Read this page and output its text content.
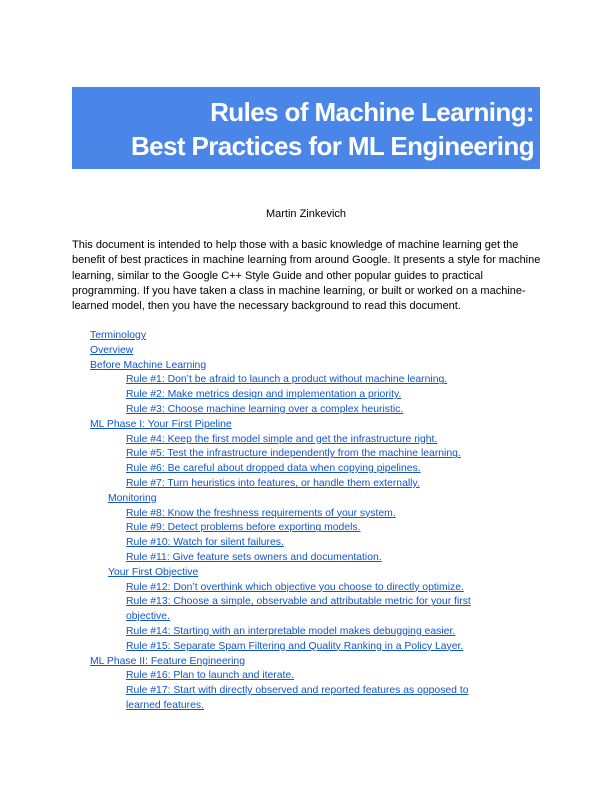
Rules of Machine Learning:
Best Practices for ML Engineering
Martin Zinkevich

This document is intended to help those with a basic knowledge of machine learning get the benefit of best practices in machine learning from around Google. It presents a style for machine learning, similar to the Google C++ Style Guide and other popular guides to practical programming. If you have taken a class in machine learning, or built or worked on a machine-learned model, then you have the necessary background to read this document.

Terminology
Overview
Before Machine Learning
Rule #1: Don’t be afraid to launch a product without machine learning.
Rule #2: Make metrics design and implementation a priority.
Rule #3: Choose machine learning over a complex heuristic.
ML Phase I: Your First Pipeline
Rule #4: Keep the first model simple and get the infrastructure right.
Rule #5: Test the infrastructure independently from the machine learning.
Rule #6: Be careful about dropped data when copying pipelines.
Rule #7: Turn heuristics into features, or handle them externally.
Monitoring
Rule #8: Know the freshness requirements of your system.
Rule #9: Detect problems before exporting models.
Rule #10: Watch for silent failures.
Rule #11: Give feature sets owners and documentation.
Your First Objective
Rule #12: Don’t overthink which objective you choose to directly optimize.
Rule #13: Choose a simple, observable and attributable metric for your first objective.
Rule #14: Starting with an interpretable model makes debugging easier.
Rule #15: Separate Spam Filtering and Quality Ranking in a Policy Layer.
ML Phase II: Feature Engineering
Rule #16: Plan to launch and iterate.
Rule #17: Start with directly observed and reported features as opposed to learned features.
